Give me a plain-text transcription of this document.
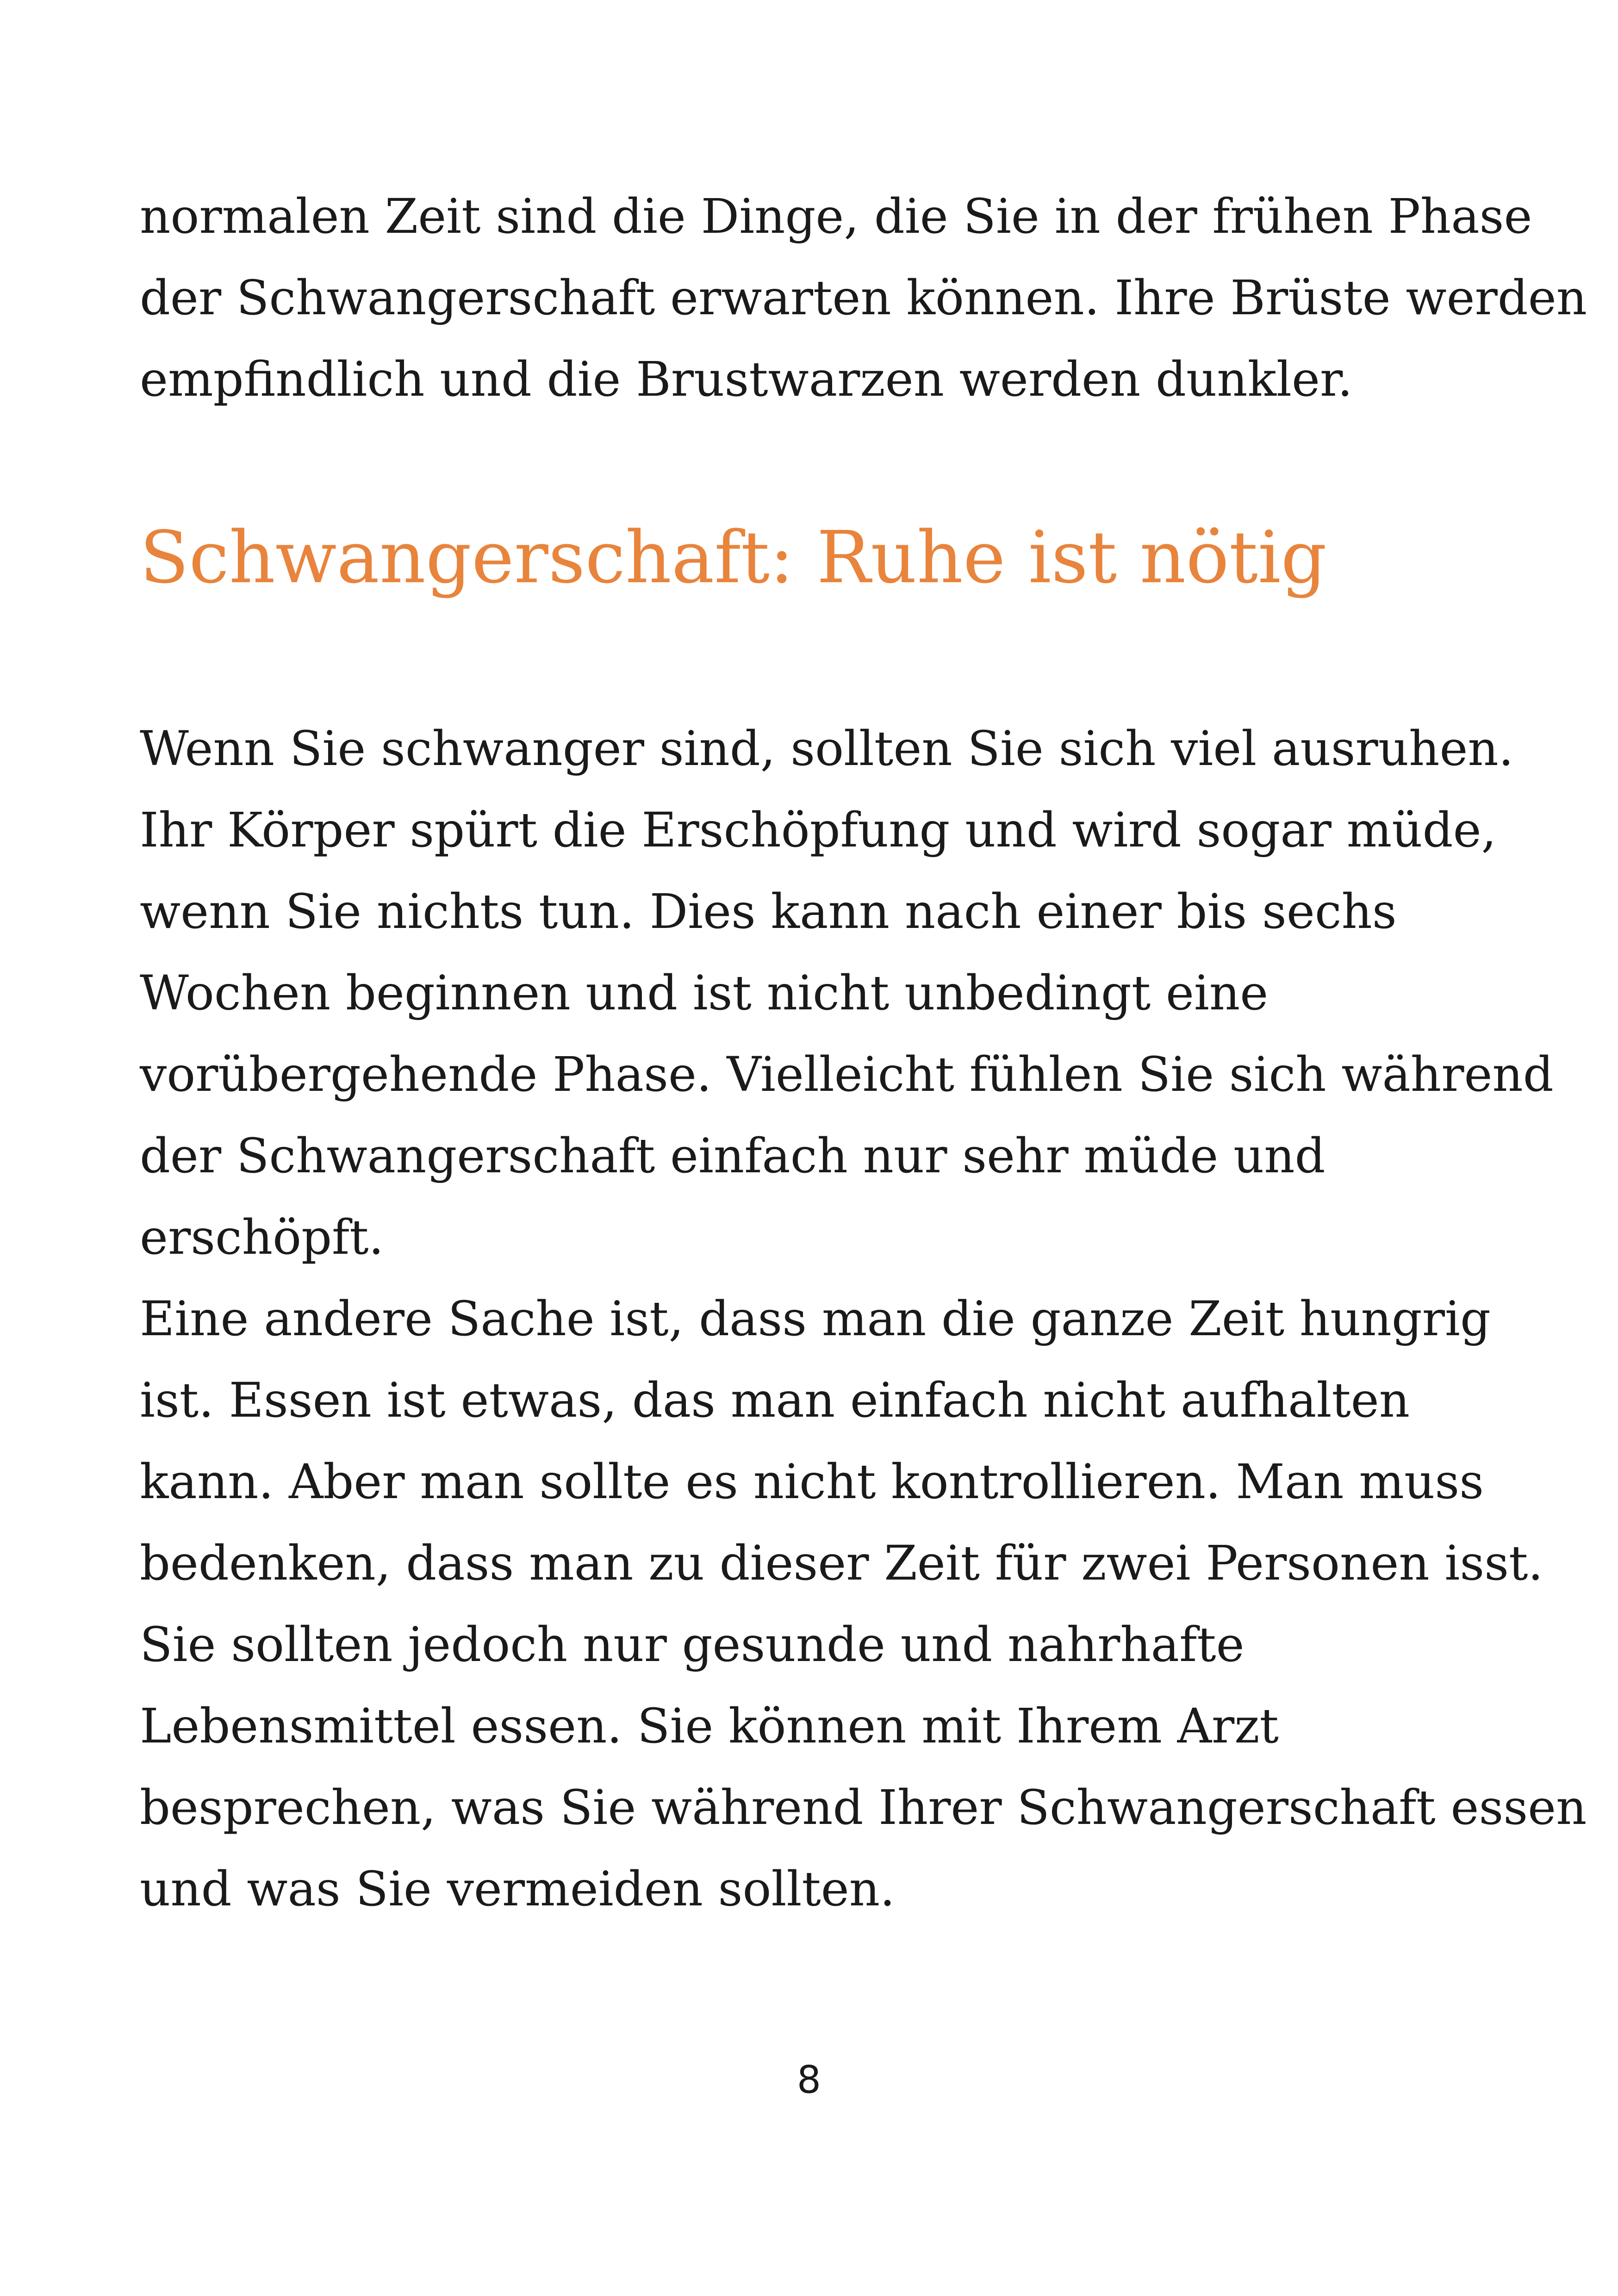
normalen Zeit sind die Dinge, die Sie in der frühen Phase
der Schwangerschaft erwarten können. Ihre Brüste werden
empfindlich und die Brustwarzen werden dunkler.
Schwangerschaft: Ruhe ist nötig
Wenn Sie schwanger sind, sollten Sie sich viel ausruhen.
Ihr Körper spürt die Erschöpfung und wird sogar müde,
wenn Sie nichts tun. Dies kann nach einer bis sechs
Wochen beginnen und ist nicht unbedingt eine
vorübergehende Phase. Vielleicht fühlen Sie sich während
der Schwangerschaft einfach nur sehr müde und
erschöpft.
Eine andere Sache ist, dass man die ganze Zeit hungrig
ist. Essen ist etwas, das man einfach nicht aufhalten
kann. Aber man sollte es nicht kontrollieren. Man muss
bedenken, dass man zu dieser Zeit für zwei Personen isst.
Sie sollten jedoch nur gesunde und nahrhafte
Lebensmittel essen. Sie können mit Ihrem Arzt
besprechen, was Sie während Ihrer Schwangerschaft essen
und was Sie vermeiden sollten.
8
